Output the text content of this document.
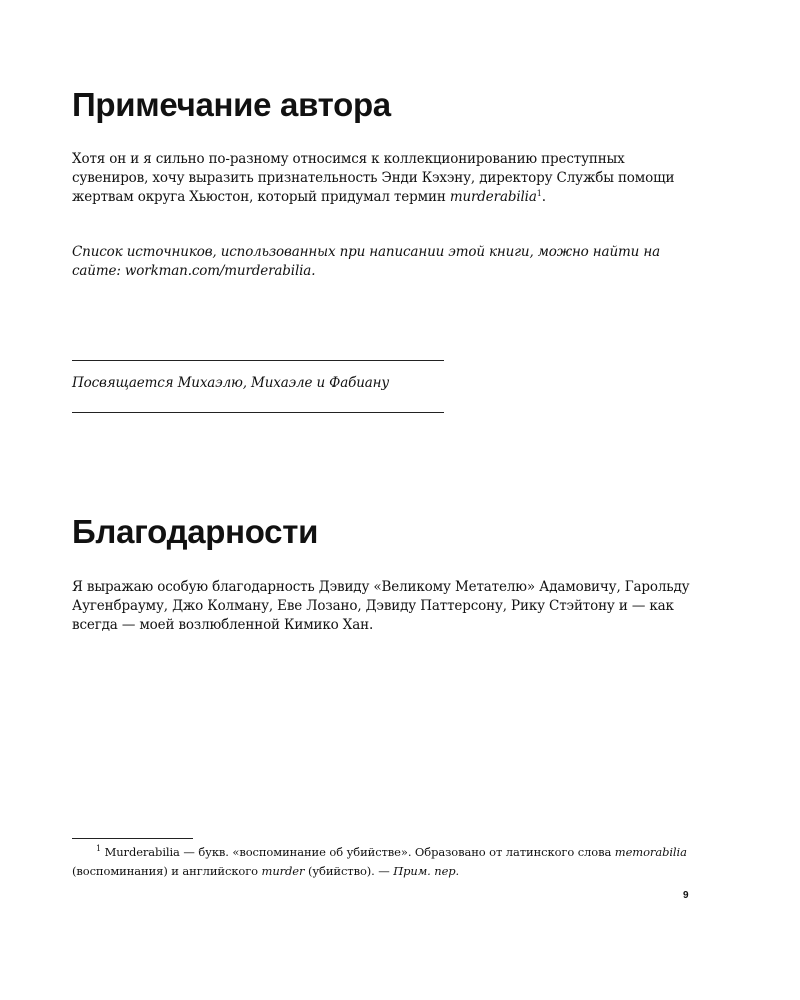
Примечание автора

Хотя он и я сильно по-разному относимся к коллекционированию преступных сувениров, хочу выразить признательность Энди Кэхэну, директору Службы помощи жертвам округа Хьюстон, который придумал термин murderabilia$^1$.

Список источников, использованных при написании этой книги, можно найти на сайте: workman.com/murderabilia.

Посвящается Михаэлю, Михаэле и Фабиану

Благодарности

Я выражаю особую благодарность Дэвиду «Великому Метателю» Адамовичу, Гарольду Аугенбрауму, Джо Колману, Еве Лозано, Дэвиду Паттерсону, Рику Стэйтону и — как всегда — моей возлюбленной Кимико Хан.

$^1$ Murderabilia — букв. «воспоминание об убийстве». Образовано от латинского слова memorabilia (воспоминания) и английского murder (убийство). — Прим. пер.

9
